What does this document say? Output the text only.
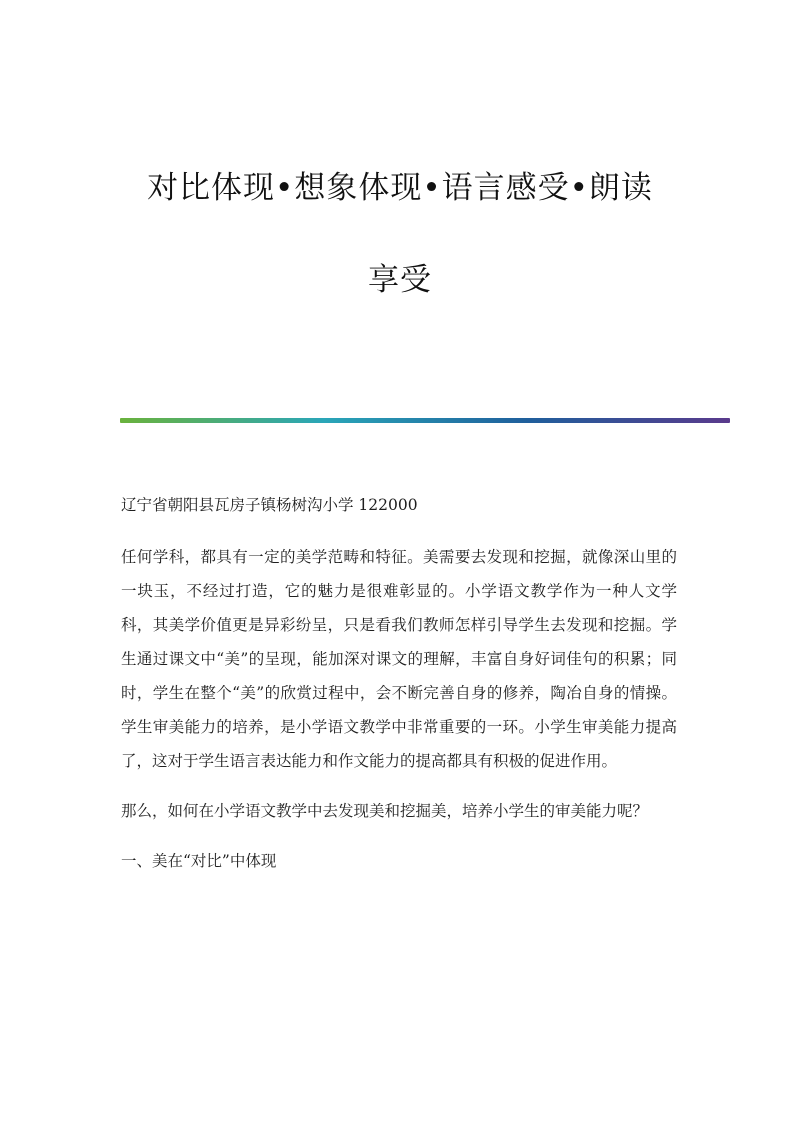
对比体现•想象体现•语言感受•朗读
享受

辽宁省朝阳县瓦房子镇杨树沟小学 122000

任何学科，都具有一定的美学范畴和特征。美需要去发现和挖掘，就像深山里的一块玉，不经过打造，它的魅力是很难彰显的。小学语文教学作为一种人文学科，其美学价值更是异彩纷呈，只是看我们教师怎样引导学生去发现和挖掘。学生通过课文中“美”的呈现，能加深对课文的理解，丰富自身好词佳句的积累；同时，学生在整个“美”的欣赏过程中，会不断完善自身的修养，陶冶自身的情操。学生审美能力的培养，是小学语文教学中非常重要的一环。小学生审美能力提高了，这对于学生语言表达能力和作文能力的提高都具有积极的促进作用。

那么，如何在小学语文教学中去发现美和挖掘美，培养小学生的审美能力呢？

一、美在“对比”中体现
